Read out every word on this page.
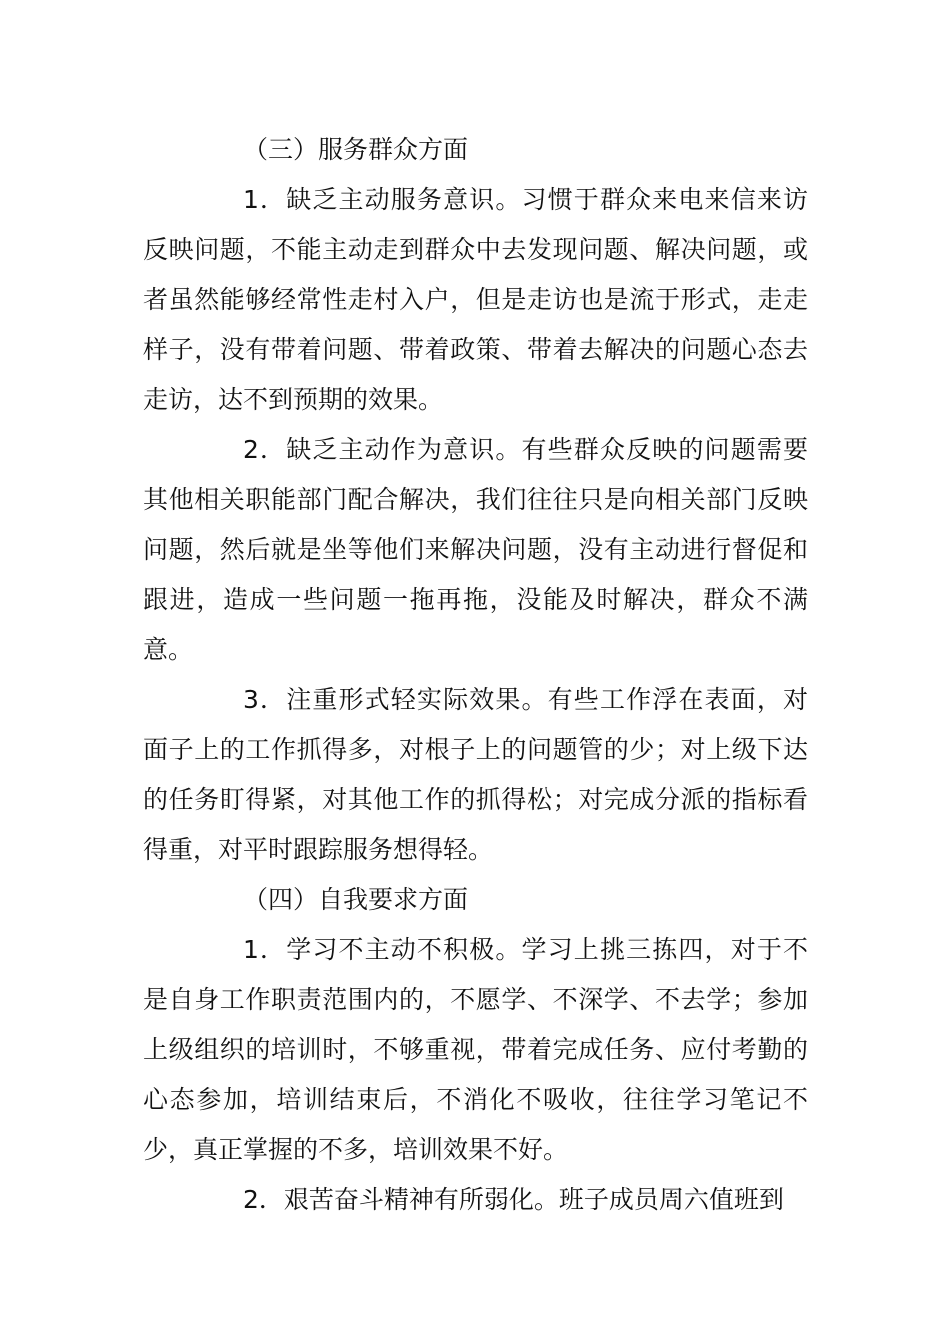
（三）服务群众方面

1．缺乏主动服务意识。习惯于群众来电来信来访反映问题，不能主动走到群众中去发现问题、解决问题，或者虽然能够经常性走村入户，但是走访也是流于形式，走走样子，没有带着问题、带着政策、带着去解决的问题心态去走访，达不到预期的效果。

2．缺乏主动作为意识。有些群众反映的问题需要其他相关职能部门配合解决，我们往往只是向相关部门反映问题，然后就是坐等他们来解决问题，没有主动进行督促和跟进，造成一些问题一拖再拖，没能及时解决，群众不满意。

3．注重形式轻实际效果。有些工作浮在表面，对面子上的工作抓得多，对根子上的问题管的少；对上级下达的任务盯得紧，对其他工作的抓得松；对完成分派的指标看得重，对平时跟踪服务想得轻。

（四）自我要求方面

1．学习不主动不积极。学习上挑三拣四，对于不是自身工作职责范围内的，不愿学、不深学、不去学；参加上级组织的培训时，不够重视，带着完成任务、应付考勤的心态参加，培训结束后，不消化不吸收，往往学习笔记不少，真正掌握的不多，培训效果不好。

2．艰苦奋斗精神有所弱化。班子成员周六值班到
